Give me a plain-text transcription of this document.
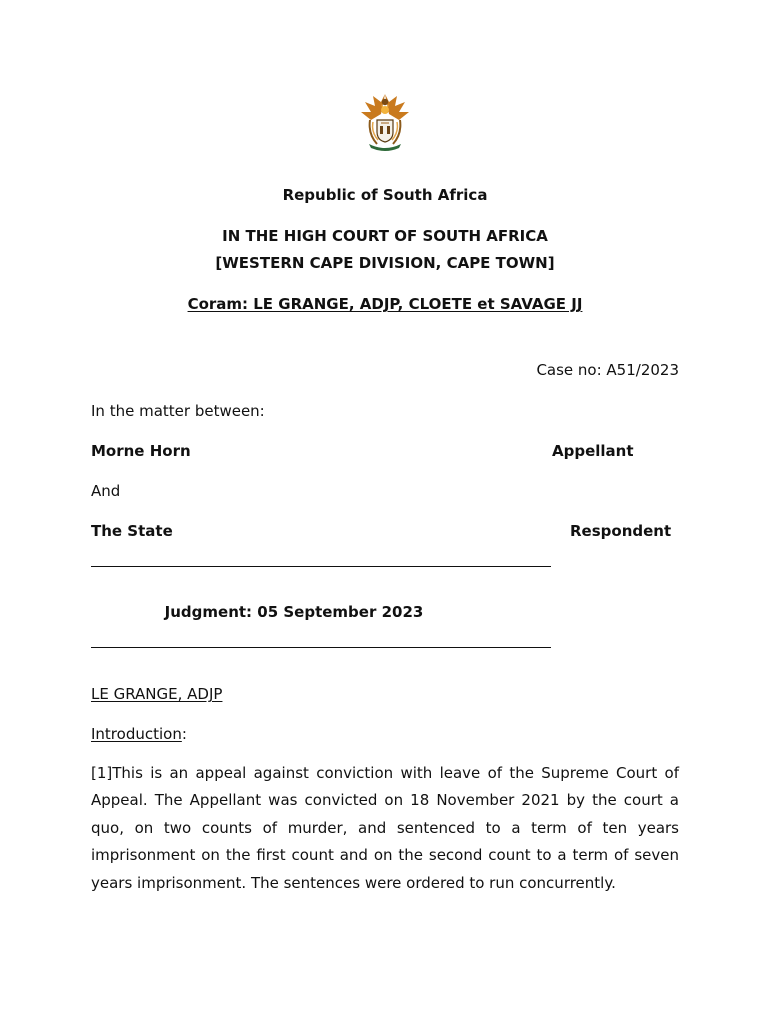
Republic of South Africa
IN THE HIGH COURT OF SOUTH AFRICA
[WESTERN CAPE DIVISION, CAPE TOWN]
Coram: LE GRANGE, ADJP, CLOETE et SAVAGE JJ
Case no: A51/2023
In the matter between:
Morne Horn	Appellant
And
The State	Respondent
Judgment: 05 September 2023
LE GRANGE, ADJP
Introduction:
[1]This is an appeal against conviction with leave of the Supreme Court of Appeal. The Appellant was convicted on 18 November 2021 by the court a quo, on two counts of murder, and sentenced to a term of ten years imprisonment on the first count and on the second count to a term of seven years imprisonment. The sentences were ordered to run concurrently.
